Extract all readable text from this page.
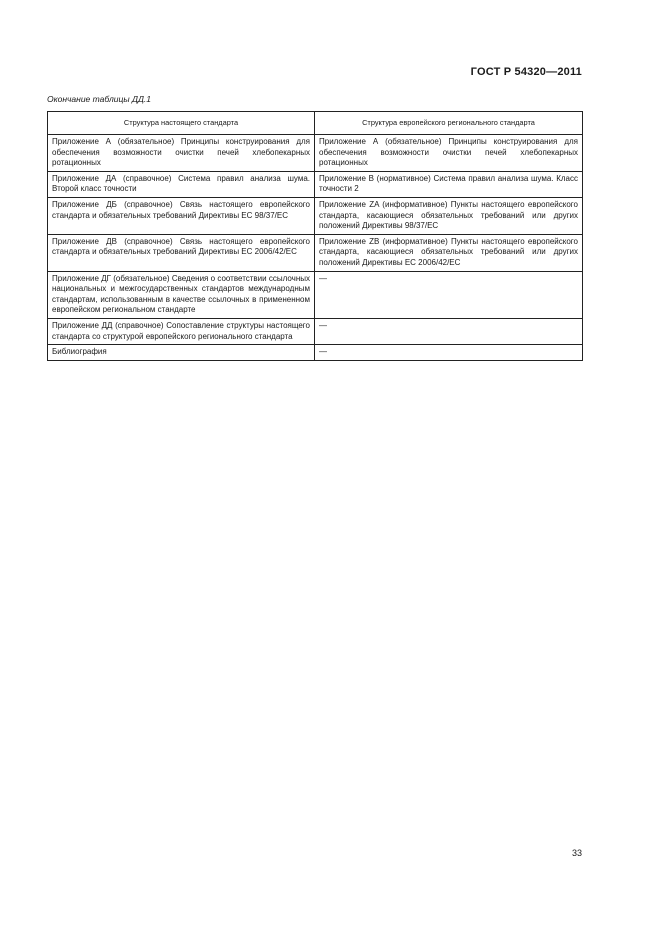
ГОСТ Р 54320—2011
Окончание таблицы ДД.1
Структура настоящего стандарта	Структура европейского регионального стандарта
Приложение А (обязательное) Принципы конструирования для обеспечения возможности очистки печей хлебопекарных ротационных	Приложение А (обязательное) Принципы конструирования для обеспечения возможности очистки печей хлебопекарных ротационных
Приложение ДА (справочное) Система правил анализа шума. Второй класс точности	Приложение В (нормативное) Система правил анализа шума. Класс точности 2
Приложение ДБ (справочное) Связь настоящего европейского стандарта и обязательных требований Директивы ЕС 98/37/ЕС	Приложение ZA (информативное) Пункты настоящего европейского стандарта, касающиеся обязательных требований или других положений Директивы 98/37/ЕС
Приложение ДВ (справочное) Связь настоящего европейского стандарта и обязательных требований Директивы ЕС 2006/42/ЕС	Приложение ZB (информативное) Пункты настоящего европейского стандарта, касающиеся обязательных требований или других положений Директивы ЕС 2006/42/ЕС
Приложение ДГ (обязательное) Сведения о соответствии ссылочных национальных и межгосударственных стандартов международным стандартам, использованным в качестве ссылочных в примененном европейском региональном стандарте	—
Приложение ДД (справочное) Сопоставление структуры настоящего стандарта со структурой европейского регионального стандарта	—
Библиография	—
33
